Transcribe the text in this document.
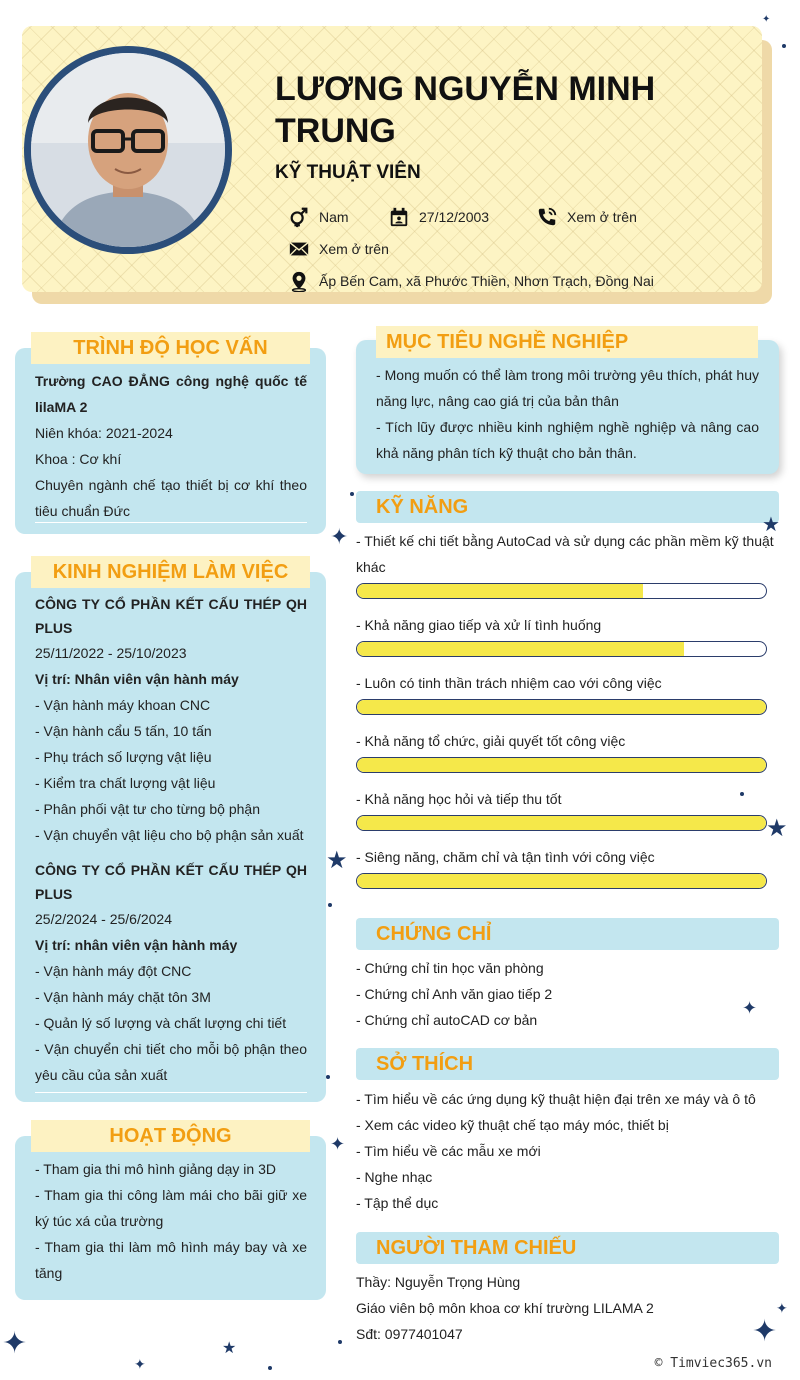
LƯƠNG NGUYỄN MINH TRUNG
KỸ THUẬT VIÊN
Nam	27/12/2003	Xem ở trên
Xem ở trên
Ấp Bến Cam, xã Phước Thiền, Nhơn Trạch, Đồng Nai
TRÌNH ĐỘ HỌC VẤN
Trường CAO ĐẲNG công nghệ quốc tế lilaMA 2
Niên khóa: 2021-2024
Khoa : Cơ khí
Chuyên ngành chế tạo thiết bị cơ khí theo tiêu chuẩn Đức
KINH NGHIỆM LÀM VIỆC
CÔNG TY CỔ PHẦN KẾT CẤU THÉP QH PLUS
25/11/2022 - 25/10/2023
Vị trí: Nhân viên vận hành máy
- Vận hành máy khoan CNC
- Vận hành cẩu 5 tấn, 10 tấn
- Phụ trách số lượng vật liệu
- Kiểm tra chất lượng vật liệu
- Phân phối vật tư cho từng bộ phận
- Vận chuyển vật liệu cho bộ phận sản xuất
CÔNG TY CỔ PHẦN KẾT CẤU THÉP QH PLUS
25/2/2024 - 25/6/2024
Vị trí: nhân viên vận hành máy
- Vận hành máy đột CNC
- Vận hành máy chặt tôn 3M
- Quản lý số lượng và chất lượng chi tiết
- Vận chuyển chi tiết cho mỗi bộ phận theo yêu cầu của sản xuất
HOẠT ĐỘNG
- Tham gia thi mô hình giảng dạy in 3D
- Tham gia thi công làm mái cho bãi giữ xe ký túc xá của trường
- Tham gia thi làm mô hình máy bay và xe tăng
MỤC TIÊU NGHỀ NGHIỆP
- Mong muốn có thể làm trong môi trường yêu thích, phát huy năng lực, nâng cao giá trị của bản thân
- Tích lũy được nhiều kinh nghiệm nghề nghiệp và nâng cao khả năng phân tích kỹ thuật cho bản thân.
KỸ NĂNG
- Thiết kế chi tiết bằng AutoCad và sử dụng các phần mềm kỹ thuật khác
- Khả năng giao tiếp và xử lí tình huống
- Luôn có tinh thần trách nhiệm cao với công việc
- Khả năng tổ chức, giải quyết tốt công việc
- Khả năng học hỏi và tiếp thu tốt
- Siêng năng, chăm chỉ và tận tình với công việc
CHỨNG CHỈ
- Chứng chỉ tin học văn phòng
- Chứng chỉ Anh văn giao tiếp 2
- Chứng chỉ autoCAD cơ bản
SỞ THÍCH
- Tìm hiểu về các ứng dụng kỹ thuật hiện đại trên xe máy và ô tô
- Xem các video kỹ thuật chế tạo máy móc, thiết bị
- Tìm hiểu về các mẫu xe mới
- Nghe nhạc
- Tập thể dục
NGƯỜI THAM CHIẾU
Thầy: Nguyễn Trọng Hùng
Giáo viên bộ môn khoa cơ khí trường LILAMA 2
Sđt: 0977401047
✦
✦	★
★
★
✦
✦
✦	★
✦
✦
✦
© Timviec365.vn
